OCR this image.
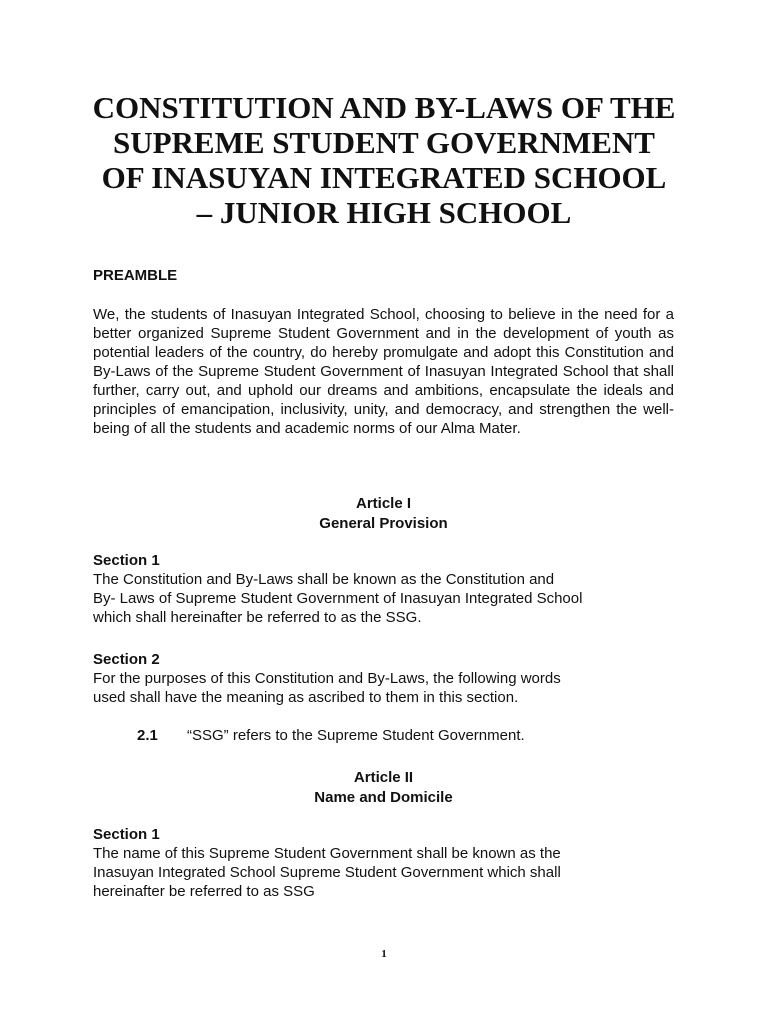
CONSTITUTION AND BY-LAWS OF THE
SUPREME STUDENT GOVERNMENT
OF INASUYAN INTEGRATED SCHOOL
– JUNIOR HIGH SCHOOL
PREAMBLE
We, the students of Inasuyan Integrated School, choosing to believe in the need for a better organized Supreme Student Government and in the development of youth as potential leaders of the country, do hereby promulgate and adopt this Constitution and By-Laws of the Supreme Student Government of Inasuyan Integrated School that shall further, carry out, and uphold our dreams and ambitions, encapsulate the ideals and principles of emancipation, inclusivity, unity, and democracy, and strengthen the well-being of all the students and academic norms of our Alma Mater.
Article I
General Provision
Section 1
The Constitution and By-Laws shall be known as the Constitution and
By- Laws of Supreme Student Government of Inasuyan Integrated School
which shall hereinafter be referred to as the SSG.
Section 2
For the purposes of this Constitution and By-Laws, the following words
used shall have the meaning as ascribed to them in this section.
2.1 “SSG” refers to the Supreme Student Government.
Article II
Name and Domicile
Section 1
The name of this Supreme Student Government shall be known as the
Inasuyan Integrated School Supreme Student Government which shall
hereinafter be referred to as SSG
1
